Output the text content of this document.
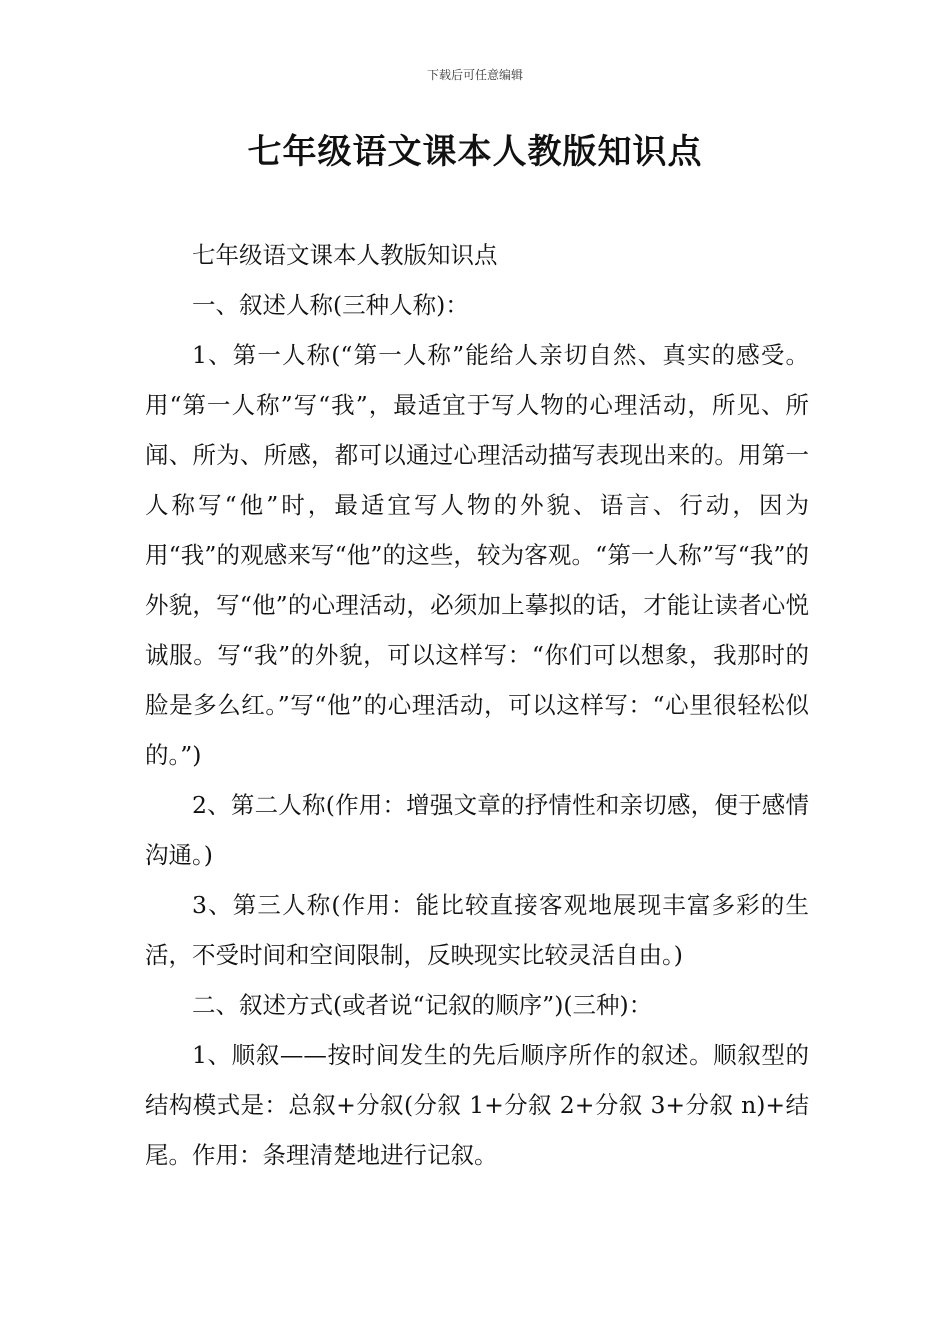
下载后可任意编辑
七年级语文课本人教版知识点

七年级语文课本人教版知识点

一、叙述人称(三种人称)：

1、第一人称(“第一人称”能给人亲切自然、真实的感受。用“第一人称”写“我”，最适宜于写人物的心理活动，所见、所闻、所为、所感，都可以通过心理活动描写表现出来的。用第一人称写“他”时，最适宜写人物的外貌、语言、行动，因为用“我”的观感来写“他”的这些，较为客观。“第一人称”写“我”的外貌，写“他”的心理活动，必须加上摹拟的话，才能让读者心悦诚服。写“我”的外貌，可以这样写：“你们可以想象，我那时的脸是多么红。”写“他”的心理活动，可以这样写：“心里很轻松似的。”)

2、第二人称(作用：增强文章的抒情性和亲切感，便于感情沟通。)

3、第三人称(作用：能比较直接客观地展现丰富多彩的生活，不受时间和空间限制，反映现实比较灵活自由。)

二、叙述方式(或者说“记叙的顺序”)(三种)：

1、顺叙——按时间发生的先后顺序所作的叙述。顺叙型的结构模式是：总叙+分叙(分叙 1+分叙 2+分叙 3+分叙 n)+结尾。作用：条理清楚地进行记叙。
